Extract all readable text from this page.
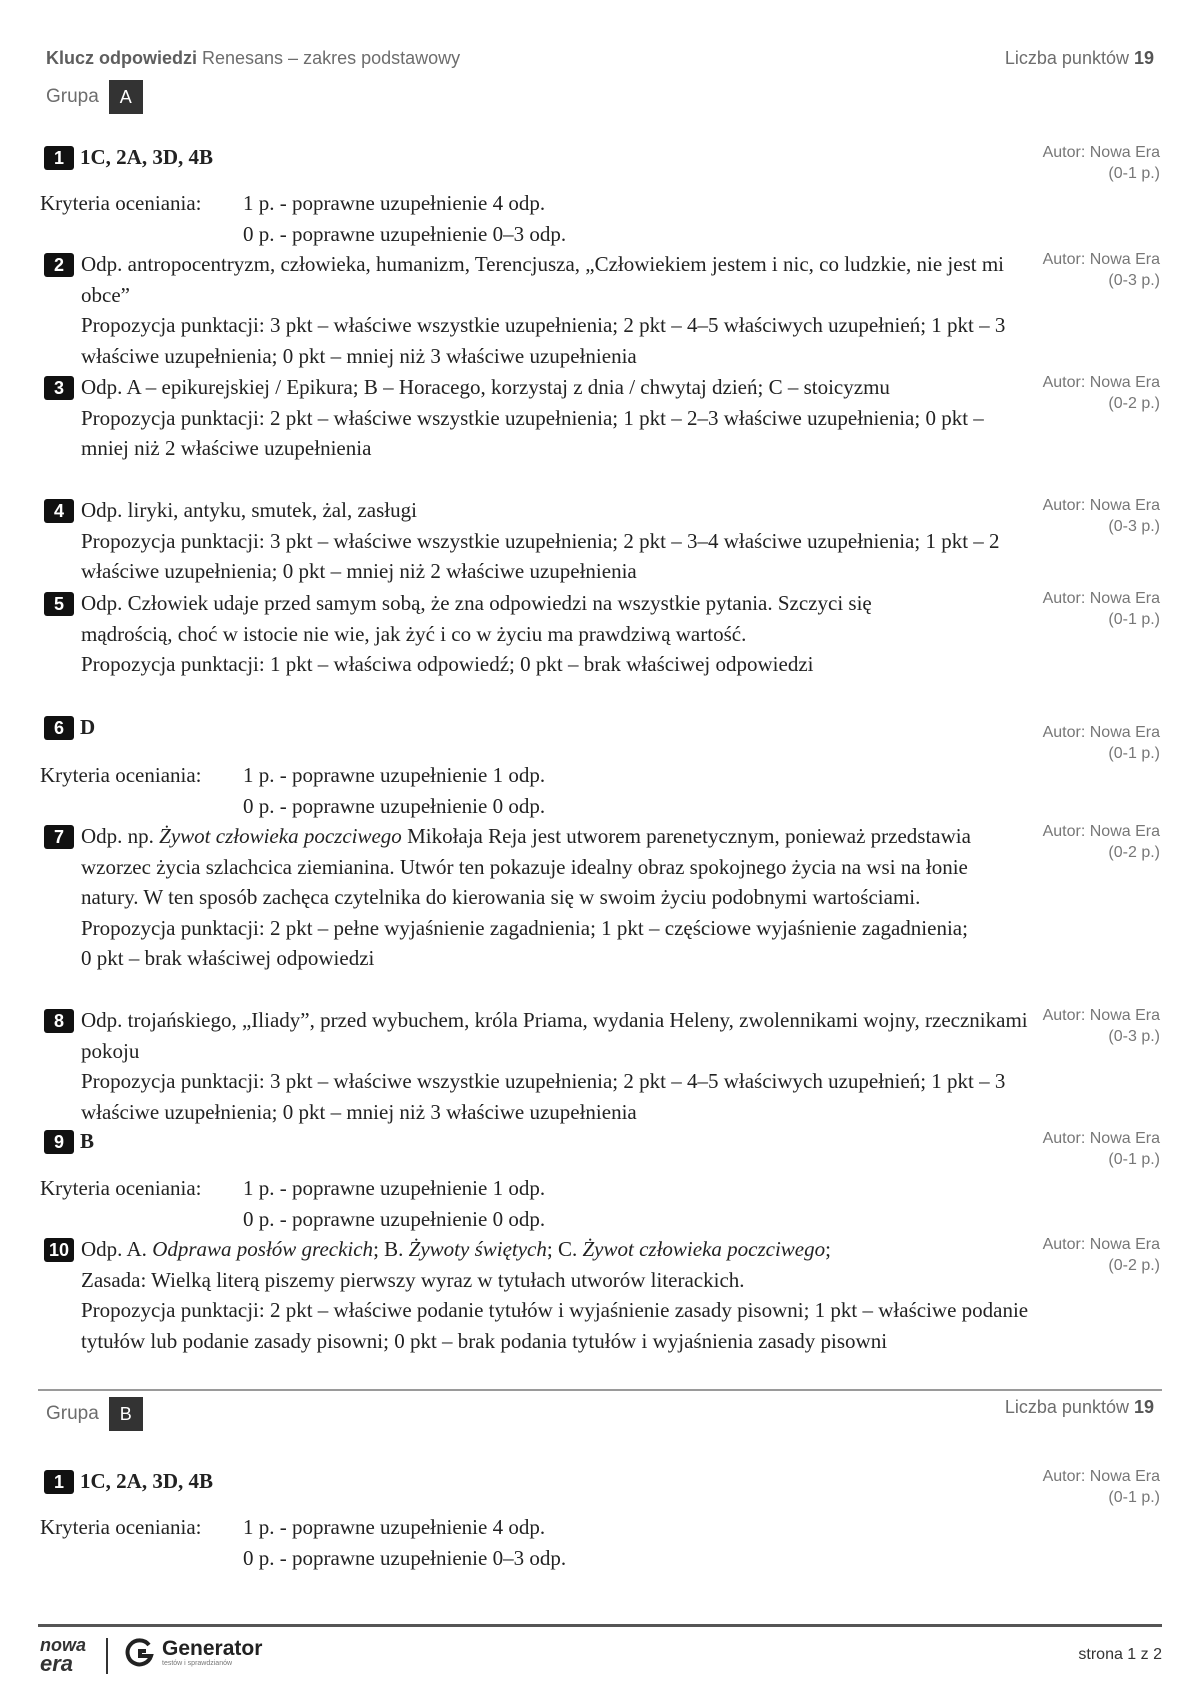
Klucz odpowiedzi Renesans – zakres podstawowy	Liczba punktów 19
Grupa	A
1 1C, 2A, 3D, 4B	Autor: Nowa Era
(0-1 p.)
Kryteria oceniania: 1 p. - poprawne uzupełnienie 4 odp.
0 p. - poprawne uzupełnienie 0–3 odp.
2 Odp. antropocentryzm, człowieka, humanizm, Terencjusza, „Człowiekiem jestem i nic, co ludzkie, nie jest mi obce”
Propozycja punktacji: 3 pkt – właściwe wszystkie uzupełnienia; 2 pkt – 4–5 właściwych uzupełnień; 1 pkt – 3 właściwe uzupełnienia; 0 pkt – mniej niż 3 właściwe uzupełnienia
Autor: Nowa Era
(0-3 p.)
3 Odp. A – epikurejskiej / Epikura; B – Horacego, korzystaj z dnia / chwytaj dzień; C – stoicyzmu
Propozycja punktacji: 2 pkt – właściwe wszystkie uzupełnienia; 1 pkt – 2–3 właściwe uzupełnienia; 0 pkt – mniej niż 2 właściwe uzupełnienia
Autor: Nowa Era
(0-2 p.)
4 Odp. liryki, antyku, smutek, żal, zasługi
Propozycja punktacji: 3 pkt – właściwe wszystkie uzupełnienia; 2 pkt – 3–4 właściwe uzupełnienia; 1 pkt – 2 właściwe uzupełnienia; 0 pkt – mniej niż 2 właściwe uzupełnienia
Autor: Nowa Era
(0-3 p.)
5 Odp. Człowiek udaje przed samym sobą, że zna odpowiedzi na wszystkie pytania. Szczyci się mądrością, choć w istocie nie wie, jak żyć i co w życiu ma prawdziwą wartość.
Propozycja punktacji: 1 pkt – właściwa odpowiedź; 0 pkt – brak właściwej odpowiedzi
Autor: Nowa Era
(0-1 p.)
6 D	Autor: Nowa Era
(0-1 p.)
Kryteria oceniania: 1 p. - poprawne uzupełnienie 1 odp.
0 p. - poprawne uzupełnienie 0 odp.
7 Odp. np. Żywot człowieka poczciwego Mikołaja Reja jest utworem parenetycznym, ponieważ przedstawia wzorzec życia szlachcica ziemianina. Utwór ten pokazuje idealny obraz spokojnego życia na wsi na łonie natury. W ten sposób zachęca czytelnika do kierowania się w swoim życiu podobnymi wartościami.
Propozycja punktacji: 2 pkt – pełne wyjaśnienie zagadnienia; 1 pkt – częściowe wyjaśnienie zagadnienia; 0 pkt – brak właściwej odpowiedzi
Autor: Nowa Era
(0-2 p.)
8 Odp. trojańskiego, „Iliady”, przed wybuchem, króla Priama, wydania Heleny, zwolennikami wojny, rzecznikami pokoju
Propozycja punktacji: 3 pkt – właściwe wszystkie uzupełnienia; 2 pkt – 4–5 właściwych uzupełnień; 1 pkt – 3 właściwe uzupełnienia; 0 pkt – mniej niż 3 właściwe uzupełnienia
Autor: Nowa Era
(0-3 p.)
9 B	Autor: Nowa Era
(0-1 p.)
Kryteria oceniania: 1 p. - poprawne uzupełnienie 1 odp.
0 p. - poprawne uzupełnienie 0 odp.
10 Odp. A. Odprawa posłów greckich; B. Żywoty świętych; C. Żywot człowieka poczciwego;
Zasada: Wielką literą piszemy pierwszy wyraz w tytułach utworów literackich.
Propozycja punktacji: 2 pkt – właściwe podanie tytułów i wyjaśnienie zasady pisowni; 1 pkt – właściwe podanie tytułów lub podanie zasady pisowni; 0 pkt – brak podania tytułów i wyjaśnienia zasady pisowni
Autor: Nowa Era
(0-2 p.)
Grupa	B	Liczba punktów 19
1 1C, 2A, 3D, 4B	Autor: Nowa Era
(0-1 p.)
Kryteria oceniania: 1 p. - poprawne uzupełnienie 4 odp.
0 p. - poprawne uzupełnienie 0–3 odp.
nowa
era
Generator
testów i sprawdzianów
strona 1 z 2
